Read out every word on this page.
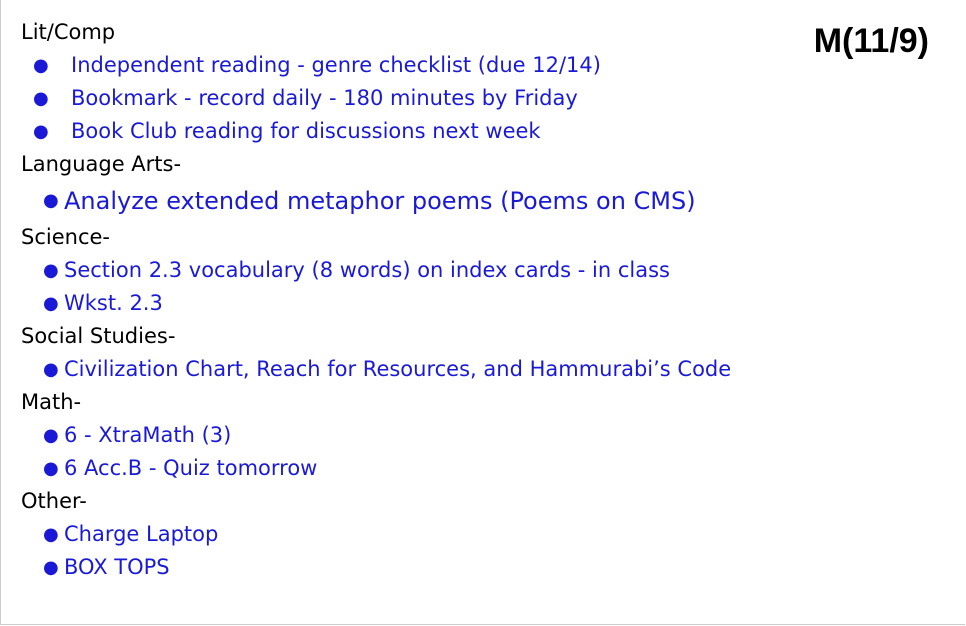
M(11/9)
Lit/Comp
●	Independent reading - genre checklist (due 12/14)
●	Bookmark - record daily - 180 minutes by Friday
●	Book Club reading for discussions next week
Language Arts-
● Analyze extended metaphor poems (Poems on CMS)
Science-
● Section 2.3 vocabulary (8 words) on index cards - in class
● Wkst. 2.3
Social Studies-
● Civilization Chart, Reach for Resources, and Hammurabi’s Code
Math-
● 6 - XtraMath (3)
● 6 Acc.B - Quiz tomorrow
Other-
● Charge Laptop
● BOX TOPS
